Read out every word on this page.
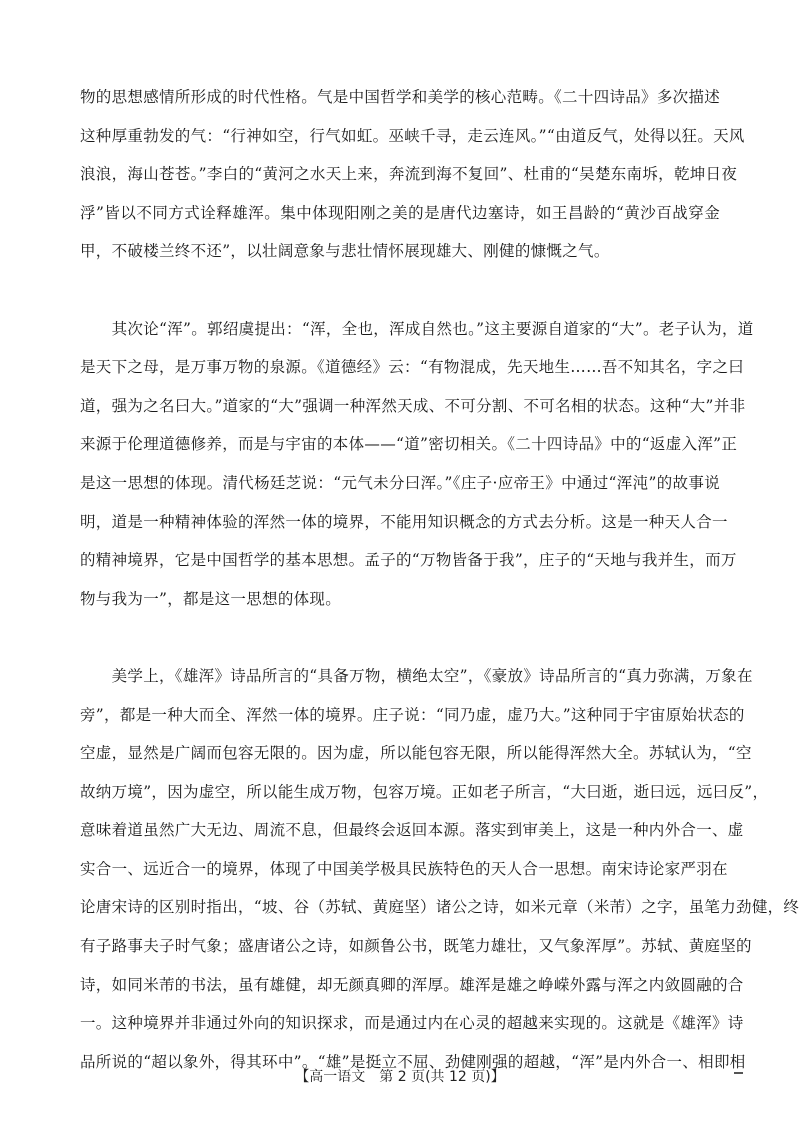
物的思想感情所形成的时代性格。气是中国哲学和美学的核心范畴。《二十四诗品》多次描述
这种厚重勃发的气：“行神如空，行气如虹。巫峡千寻，走云连风。”“由道反气，处得以狂。天风
浪浪，海山苍苍。”李白的“黄河之水天上来，奔流到海不复回”、杜甫的“吴楚东南坼，乾坤日夜
浮”皆以不同方式诠释雄浑。集中体现阳刚之美的是唐代边塞诗，如王昌龄的“黄沙百战穿金
甲，不破楼兰终不还”，以壮阔意象与悲壮情怀展现雄大、刚健的慷慨之气。
　　其次论“浑”。郭绍虞提出：“浑，全也，浑成自然也。”这主要源自道家的“大”。老子认为，道
是天下之母，是万事万物的泉源。《道德经》云：“有物混成，先天地生……吾不知其名，字之曰
道，强为之名曰大。”道家的“大”强调一种浑然天成、不可分割、不可名相的状态。这种“大”并非
来源于伦理道德修养，而是与宇宙的本体——“道”密切相关。《二十四诗品》中的“返虚入浑”正
是这一思想的体现。清代杨廷芝说：“元气未分曰浑。”《庄子·应帝王》中通过“浑沌”的故事说
明，道是一种精神体验的浑然一体的境界，不能用知识概念的方式去分析。这是一种天人合一
的精神境界，它是中国哲学的基本思想。孟子的“万物皆备于我”，庄子的“天地与我并生，而万
物与我为一”，都是这一思想的体现。
　　美学上，《雄浑》诗品所言的“具备万物，横绝太空”，《豪放》诗品所言的“真力弥满，万象在
旁”，都是一种大而全、浑然一体的境界。庄子说：“同乃虚，虚乃大。”这种同于宇宙原始状态的
空虚，显然是广阔而包容无限的。因为虚，所以能包容无限，所以能得浑然大全。苏轼认为，“空
故纳万境”，因为虚空，所以能生成万物，包容万境。正如老子所言，“大曰逝，逝曰远，远曰反”，
意味着道虽然广大无边、周流不息，但最终会返回本源。落实到审美上，这是一种内外合一、虚
实合一、远近合一的境界，体现了中国美学极具民族特色的天人合一思想。南宋诗论家严羽在
论唐宋诗的区别时指出，“坡、谷（苏轼、黄庭坚）诸公之诗，如米元章（米芾）之字，虽笔力劲健，终
有子路事夫子时气象；盛唐诸公之诗，如颜鲁公书，既笔力雄壮，又气象浑厚”。苏轼、黄庭坚的
诗，如同米芾的书法，虽有雄健，却无颜真卿的浑厚。雄浑是雄之峥嵘外露与浑之内敛圆融的合
一。这种境界并非通过外向的知识探求，而是通过内在心灵的超越来实现的。这就是《雄浑》诗
品所说的“超以象外，得其环中”。“雄”是挺立不屈、劲健刚强的超越，“浑”是内外合一、相即相
【高一语文　第 2 页(共 12 页)】
